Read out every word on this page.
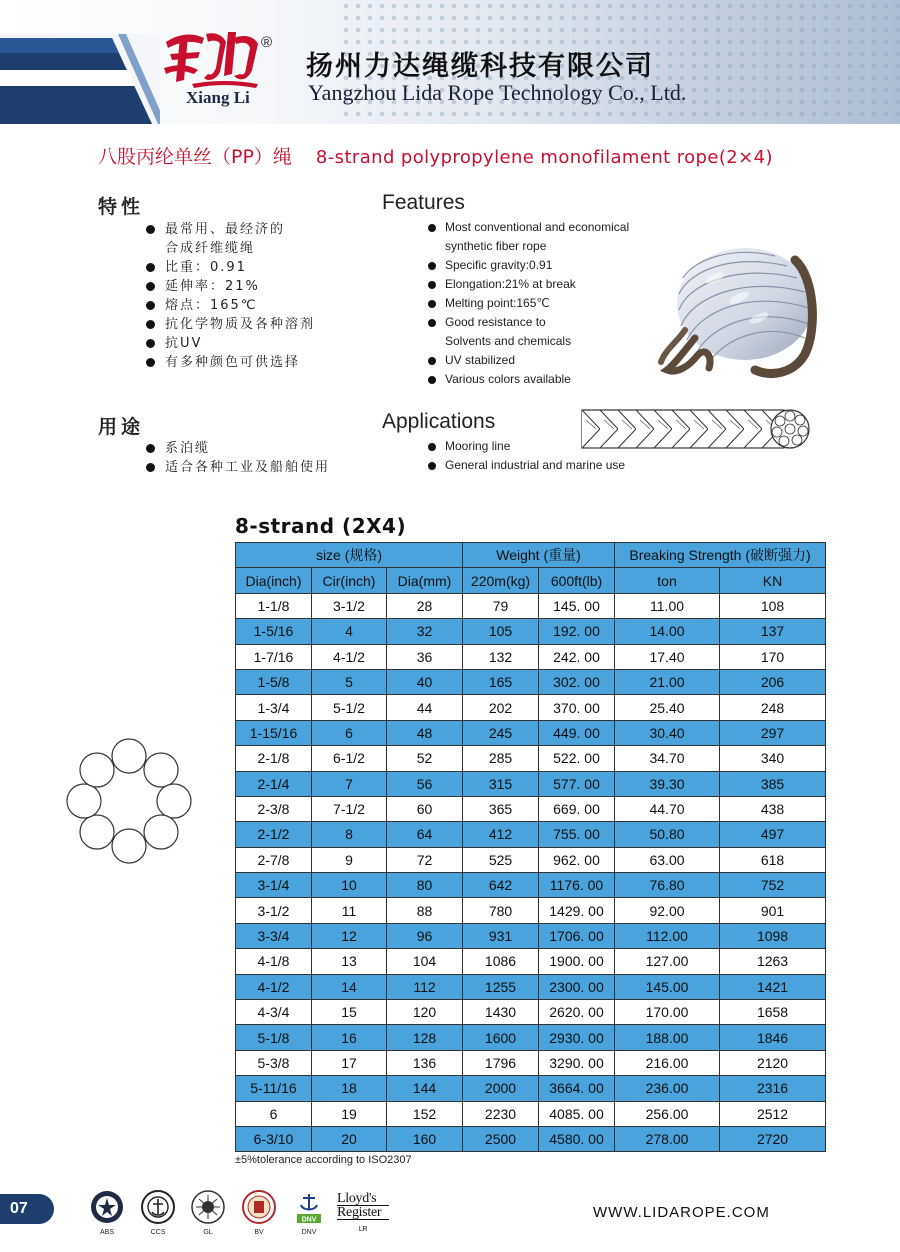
®
Xiang Li
扬州力达绳缆科技有限公司
Yangzhou Lida Rope Technology Co., Ltd.
八股丙纶单丝（PP）绳 8-strand polypropylene monofilament rope(2×4)
特性	Features
最常用、最经济的
合成纤维缆绳
比重：0.91
延伸率：21%
熔点：165℃
抗化学物质及各种溶剂
抗UV
有多种颜色可供选择
Most conventional and economical
synthetic fiber rope
Specific gravity:0.91
Elongation:21% at break
Melting point:165℃
Good resistance to
Solvents and chemicals
UV stabilized
Various colors available
用途	Applications
系泊缆
适合各种工业及船舶使用
Mooring line
General industrial and marine use
8-strand (2X4)
size (规格)			Weight (重量)		Breaking Strength (破断强力)	
Dia(inch)	Cir(inch)	Dia(mm)	220m(kg)	600ft(lb)	ton	KN
1-1/8	3-1/2	28	79	145. 00	11.00	108
1-5/16	4	32	105	192. 00	14.00	137
1-7/16	4-1/2	36	132	242. 00	17.40	170
1-5/8	5	40	165	302. 00	21.00	206
1-3/4	5-1/2	44	202	370. 00	25.40	248
1-15/16	6	48	245	449. 00	30.40	297
2-1/8	6-1/2	52	285	522. 00	34.70	340
2-1/4	7	56	315	577. 00	39.30	385
2-3/8	7-1/2	60	365	669. 00	44.70	438
2-1/2	8	64	412	755. 00	50.80	497
2-7/8	9	72	525	962. 00	63.00	618
3-1/4	10	80	642	1176. 00	76.80	752
3-1/2	11	88	780	1429. 00	92.00	901
3-3/4	12	96	931	1706. 00	112.00	1098
4-1/8	13	104	1086	1900. 00	127.00	1263
4-1/2	14	112	1255	2300. 00	145.00	1421
4-3/4	15	120	1430	2620. 00	170.00	1658
5-1/8	16	128	1600	2930. 00	188.00	1846
5-3/8	17	136	1796	3290. 00	216.00	2120
5-11/16	18	144	2000	3664. 00	236.00	2316
6	19	152	2230	4085. 00	256.00	2512
6-3/10	20	160	2500	4580. 00	278.00	2720
±5%tolerance according to ISO2307
07
ABS	CCS	GL	BV
DNV
DNV
Lloyd's
Register
LR
WWW.LIDAROPE.COM
